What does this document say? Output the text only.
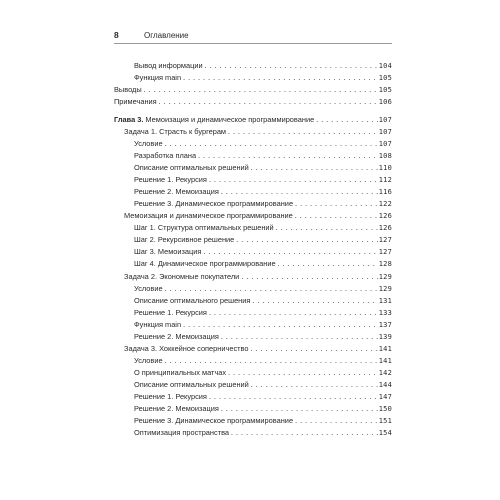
8	Оглавление
Вывод информации .....	104
Функция main .....	105
Выводы .....	105
Примечания .....	106
Глава 3. Мемоизация и динамическое программирование .....	107
Задача 1. Страсть к бургерам .....	107
Условие .....	107
Разработка плана .....	108
Описание оптимальных решений .....	110
Решение 1. Рекурсия .....	112
Решение 2. Мемоизация .....	116
Решение 3. Динамическое программирование .....	122
Мемоизация и динамическое программирование .....	126
Шаг 1. Структура оптимальных решений .....	126
Шаг 2. Рекурсивное решение .....	127
Шаг 3. Мемоизация .....	127
Шаг 4. Динамическое программирование .....	128
Задача 2. Экономные покупатели .....	129
Условие .....	129
Описание оптимального решения .....	131
Решение 1. Рекурсия .....	133
Функция main .....	137
Решение 2. Мемоизация .....	139
Задача 3. Хоккейное соперничество .....	141
Условие .....	141
О принципиальных матчах .....	142
Описание оптимальных решений .....	144
Решение 1. Рекурсия .....	147
Решение 2. Мемоизация .....	150
Решение 3. Динамическое программирование .....	151
Оптимизация пространства .....	154
